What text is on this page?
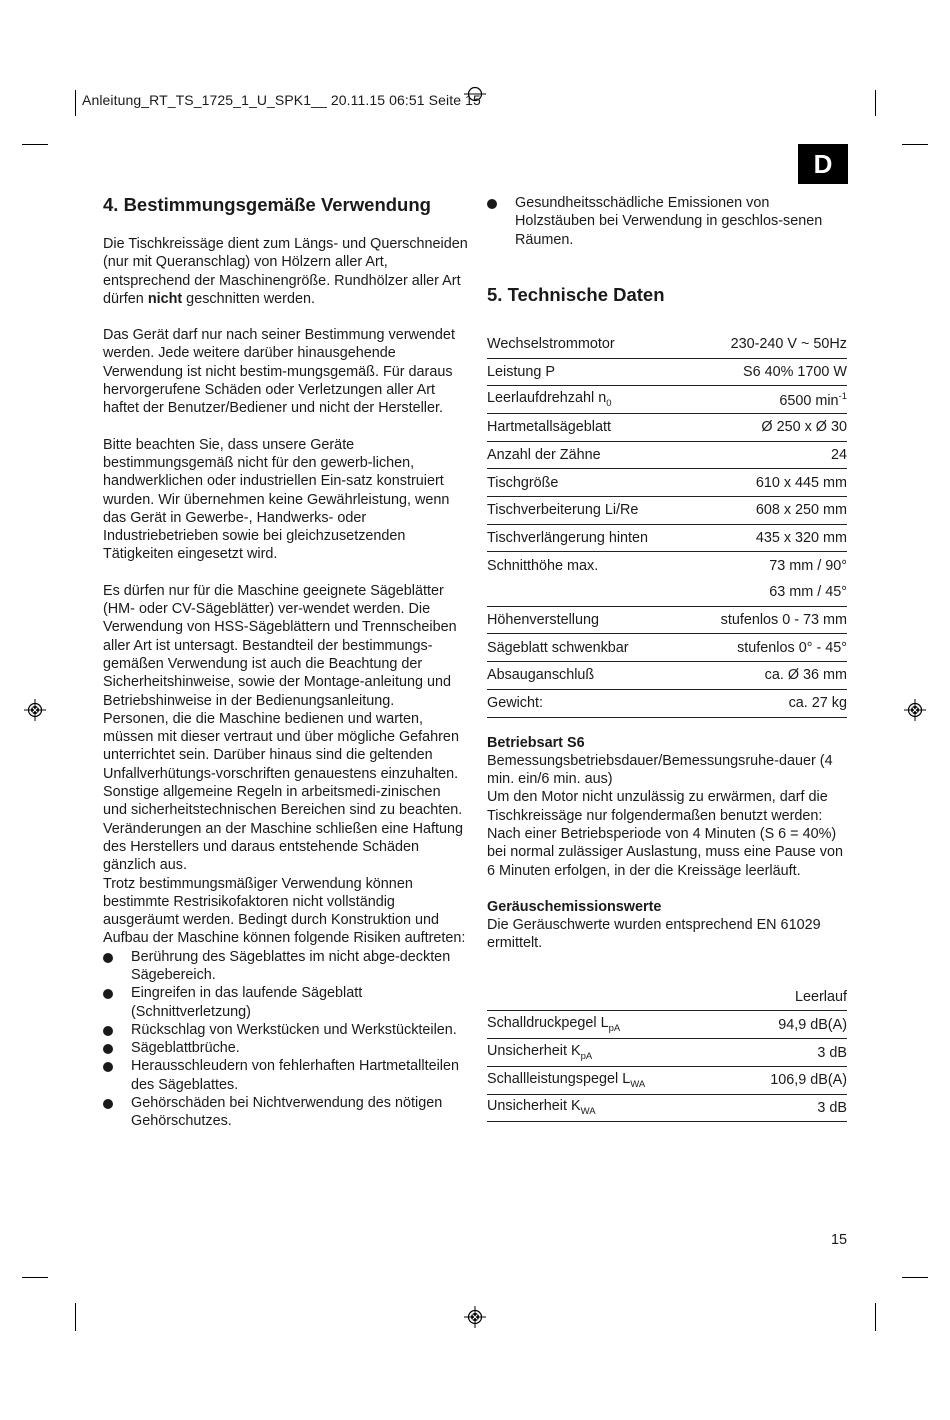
Anleitung_RT_TS_1725_1_U_SPK1__ 20.11.15 06:51 Seite 15
D
4. Bestimmungsgemäße Verwendung

Die Tischkreissäge dient zum Längs- und Querschneiden (nur mit Queranschlag) von Hölzern aller Art, entsprechend der Maschinengröße. Rundhölzer aller Art dürfen nicht geschnitten werden.

Das Gerät darf nur nach seiner Bestimmung verwendet werden. Jede weitere darüber hinausgehende Verwendung ist nicht bestim-mungsgemäß. Für daraus hervorgerufene Schäden oder Verletzungen aller Art haftet der Benutzer/Bediener und nicht der Hersteller.

Bitte beachten Sie, dass unsere Geräte bestimmungsgemäß nicht für den gewerb-lichen, handwerklichen oder industriellen Ein-satz konstruiert wurden. Wir übernehmen keine Gewährleistung, wenn das Gerät in Gewerbe-, Handwerks- oder Industriebetrieben sowie bei gleichzusetzenden Tätigkeiten eingesetzt wird.

Es dürfen nur für die Maschine geeignete Sägeblätter (HM- oder CV-Sägeblätter) ver-wendet werden. Die Verwendung von HSS-Sägeblättern und Trennscheiben aller Art ist untersagt. Bestandteil der bestimmungs-gemäßen Verwendung ist auch die Beachtung der Sicherheitshinweise, sowie der Montage-anleitung und Betriebshinweise in der Bedienungsanleitung.

Personen, die die Maschine bedienen und warten, müssen mit dieser vertraut und über mögliche Gefahren unterrichtet sein. Darüber hinaus sind die geltenden Unfallverhütungs-vorschriften genauestens einzuhalten. Sonstige allgemeine Regeln in arbeitsmedi-zinischen und sicherheitstechnischen Bereichen sind zu beachten.

Veränderungen an der Maschine schließen eine Haftung des Herstellers und daraus entstehende Schäden gänzlich aus.

Trotz bestimmungsmäßiger Verwendung können bestimmte Restrisikofaktoren nicht vollständig ausgeräumt werden. Bedingt durch Konstruktion und Aufbau der Maschine können folgende Risiken auftreten:

Berührung des Sägeblattes im nicht abge-deckten Sägebereich.
Eingreifen in das laufende Sägeblatt (Schnittverletzung)
Rückschlag von Werkstücken und Werkstückteilen.
Sägeblattbrüche.
Herausschleudern von fehlerhaften Hartmetallteilen des Sägeblattes.
Gehörschäden bei Nichtverwendung des nötigen Gehörschutzes.
Gesundheitsschädliche Emissionen von Holzstäuben bei Verwendung in geschlos-senen Räumen.
5. Technische Daten
Wechselstrommotor	230-240 V ~ 50Hz
Leistung P	S6 40% 1700 W
Leerlaufdrehzahl $n_0$	6500 $\min^{-1}$
Hartmetallsägeblatt	Ø 250 x Ø 30
Anzahl der Zähne	24
Tischgröße	610 x 445 mm
Tischverbeiterung Li/Re	608 x 250 mm
Tischverlängerung hinten	435 x 320 mm
Schnitthöhe max.	73 mm / 90°
	63 mm / 45°
Höhenverstellung	stufenlos 0 - 73 mm
Sägeblatt schwenkbar	stufenlos 0° - 45°
Absauganschluß	ca. Ø 36 mm
Gewicht:	ca. 27 kg

Betriebsart S6

Bemessungsbetriebsdauer/Bemessungsruhe-dauer (4 min. ein/6 min. aus)

Um den Motor nicht unzulässig zu erwärmen, darf die Tischkreissäge nur folgendermaßen benutzt werden: Nach einer Betriebsperiode von 4 Minuten (S 6 = 40%) bei normal zulässiger Auslastung, muss eine Pause von 6 Minuten erfolgen, in der die Kreissäge leerläuft.

Geräuschemissionswerte

Die Geräuschwerte wurden entsprechend EN 61029 ermittelt.

	Leerlauf
Schalldruckpegel $L_{pA}$	94,9 dB(A)
Unsicherheit $K_{pA}$	3 dB
Schallleistungspegel $L_{WA}$	106,9 dB(A)
Unsicherheit $K_{WA}$	3 dB
15
